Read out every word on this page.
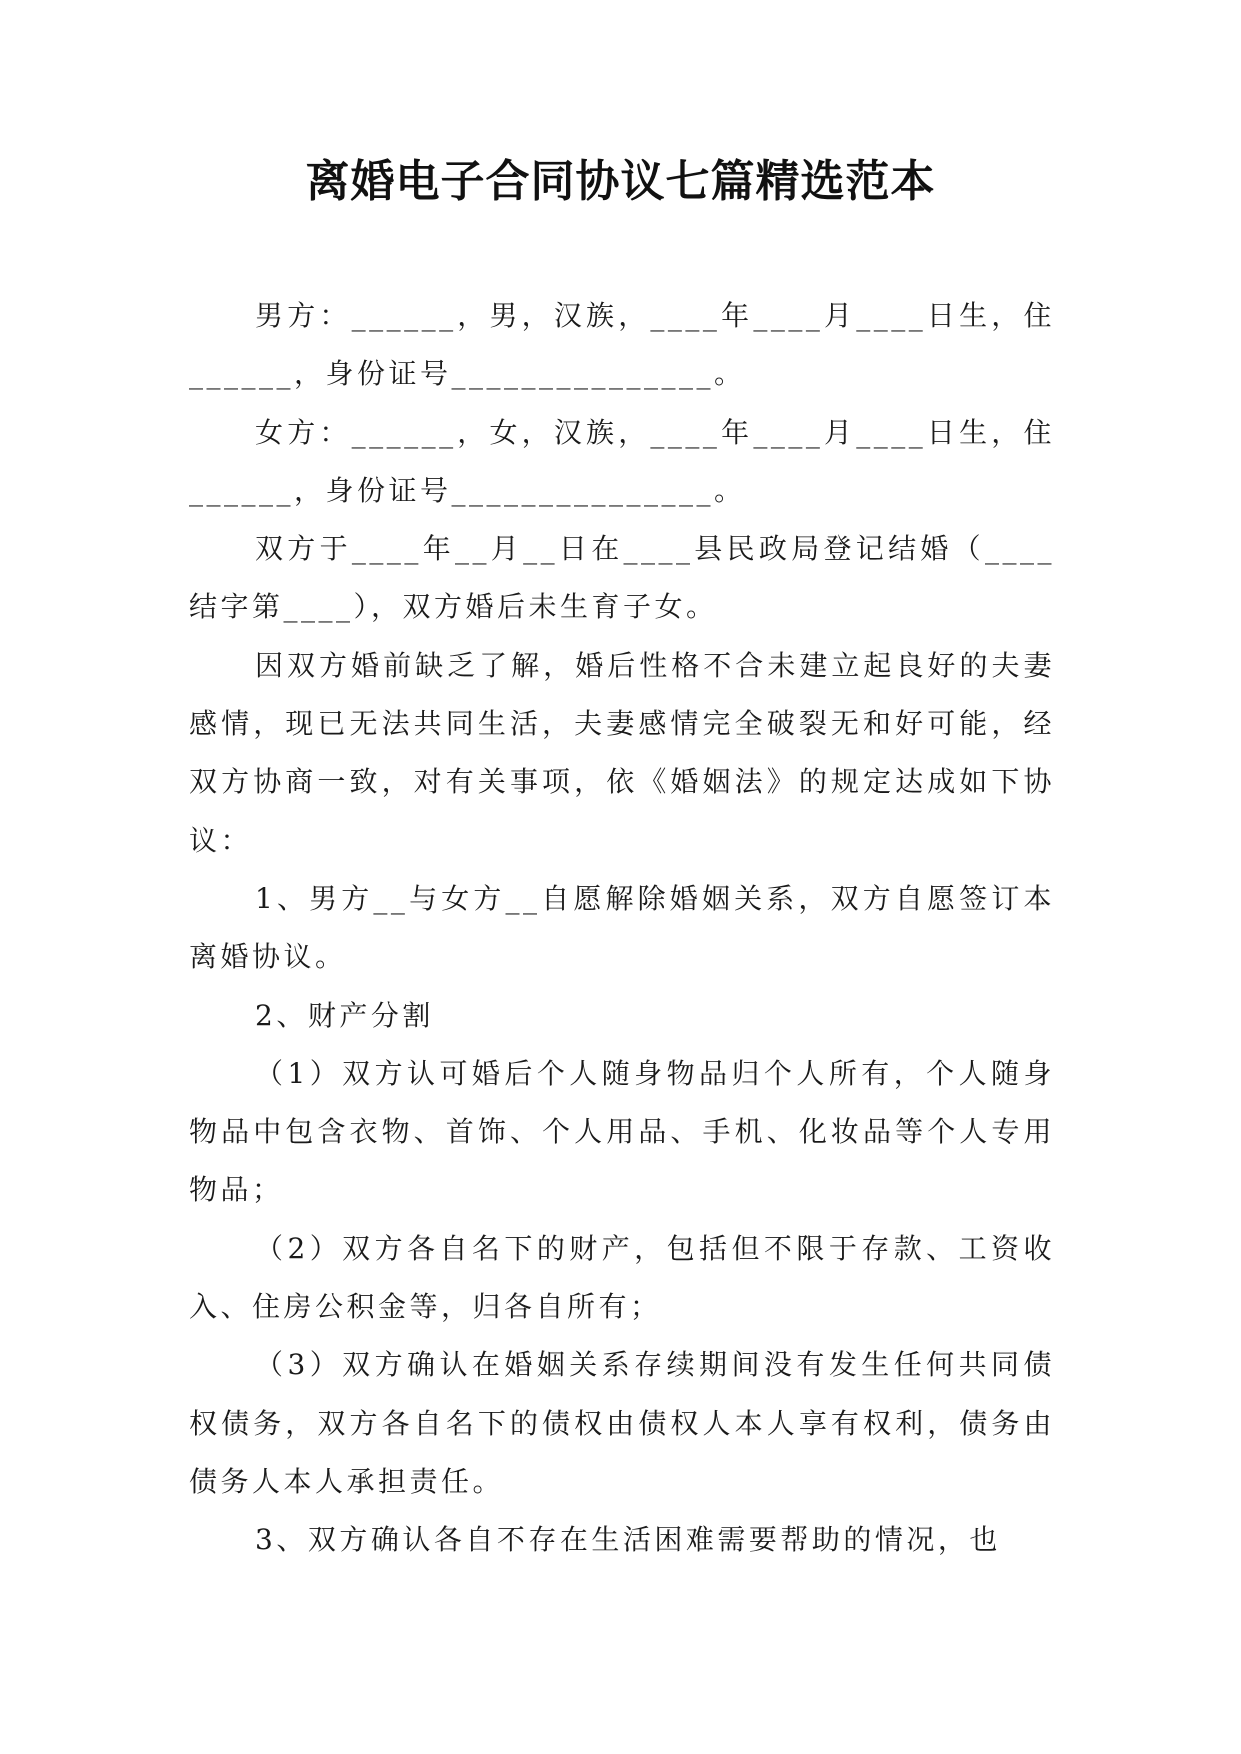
离婚电子合同协议七篇精选范本

男方：______，男，汉族，____年____月____日生，住______，身份证号_______________。

女方：______，女，汉族，____年____月____日生，住______，身份证号_______________。

双方于____年__月__日在____县民政局登记结婚（____结字第____），双方婚后未生育子女。

因双方婚前缺乏了解，婚后性格不合未建立起良好的夫妻感情，现已无法共同生活，夫妻感情完全破裂无和好可能，经双方协商一致，对有关事项，依《婚姻法》的规定达成如下协议：

1、男方__与女方__自愿解除婚姻关系，双方自愿签订本离婚协议。

2、财产分割

（1）双方认可婚后个人随身物品归个人所有，个人随身物品中包含衣物、首饰、个人用品、手机、化妆品等个人专用物品；

（2）双方各自名下的财产，包括但不限于存款、工资收入、住房公积金等，归各自所有；

（3）双方确认在婚姻关系存续期间没有发生任何共同债权债务，双方各自名下的债权由债权人本人享有权利，债务由债务人本人承担责任。

3、双方确认各自不存在生活困难需要帮助的情况，也
